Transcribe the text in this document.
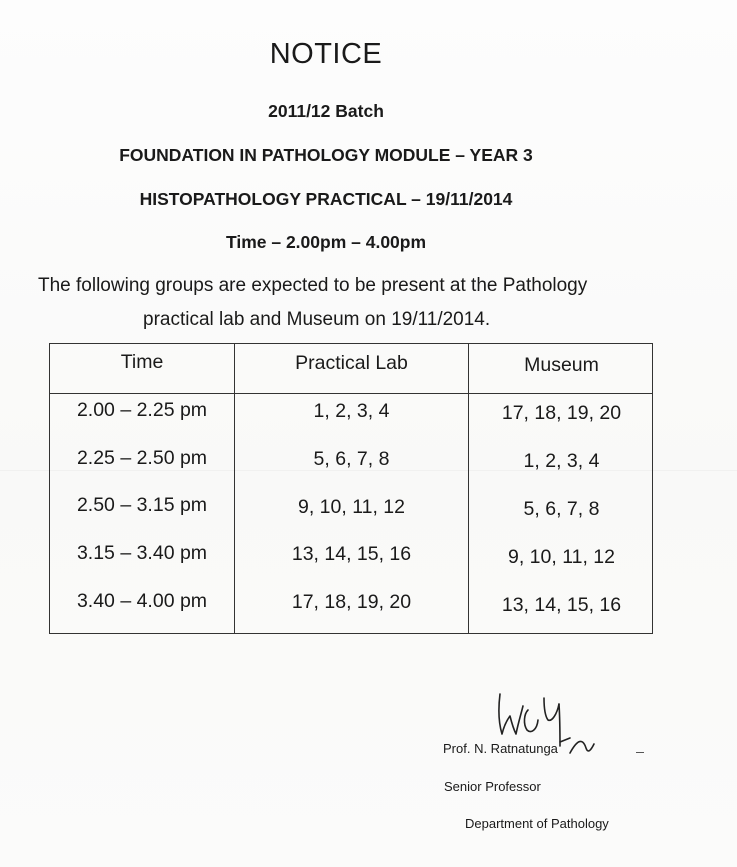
NOTICE
2011/12 Batch
FOUNDATION IN PATHOLOGY MODULE – YEAR 3
HISTOPATHOLOGY PRACTICAL – 19/11/2014
Time – 2.00pm – 4.00pm
The following groups are expected to be present at the Pathology
practical lab and Museum on 19/11/2014.
Time	Practical Lab	Museum
2.00 – 2.25 pm	1, 2, 3, 4	17, 18, 19, 20
2.25 – 2.50 pm	5, 6, 7, 8	1, 2, 3, 4
2.50 – 3.15 pm	9, 10, 11, 12	5, 6, 7, 8
3.15 – 3.40 pm	13, 14, 15, 16	9, 10, 11, 12
3.40 – 4.00 pm	17, 18, 19, 20	13, 14, 15, 16
Prof. N. Ratnatunga
Senior Professor
Department of Pathology
